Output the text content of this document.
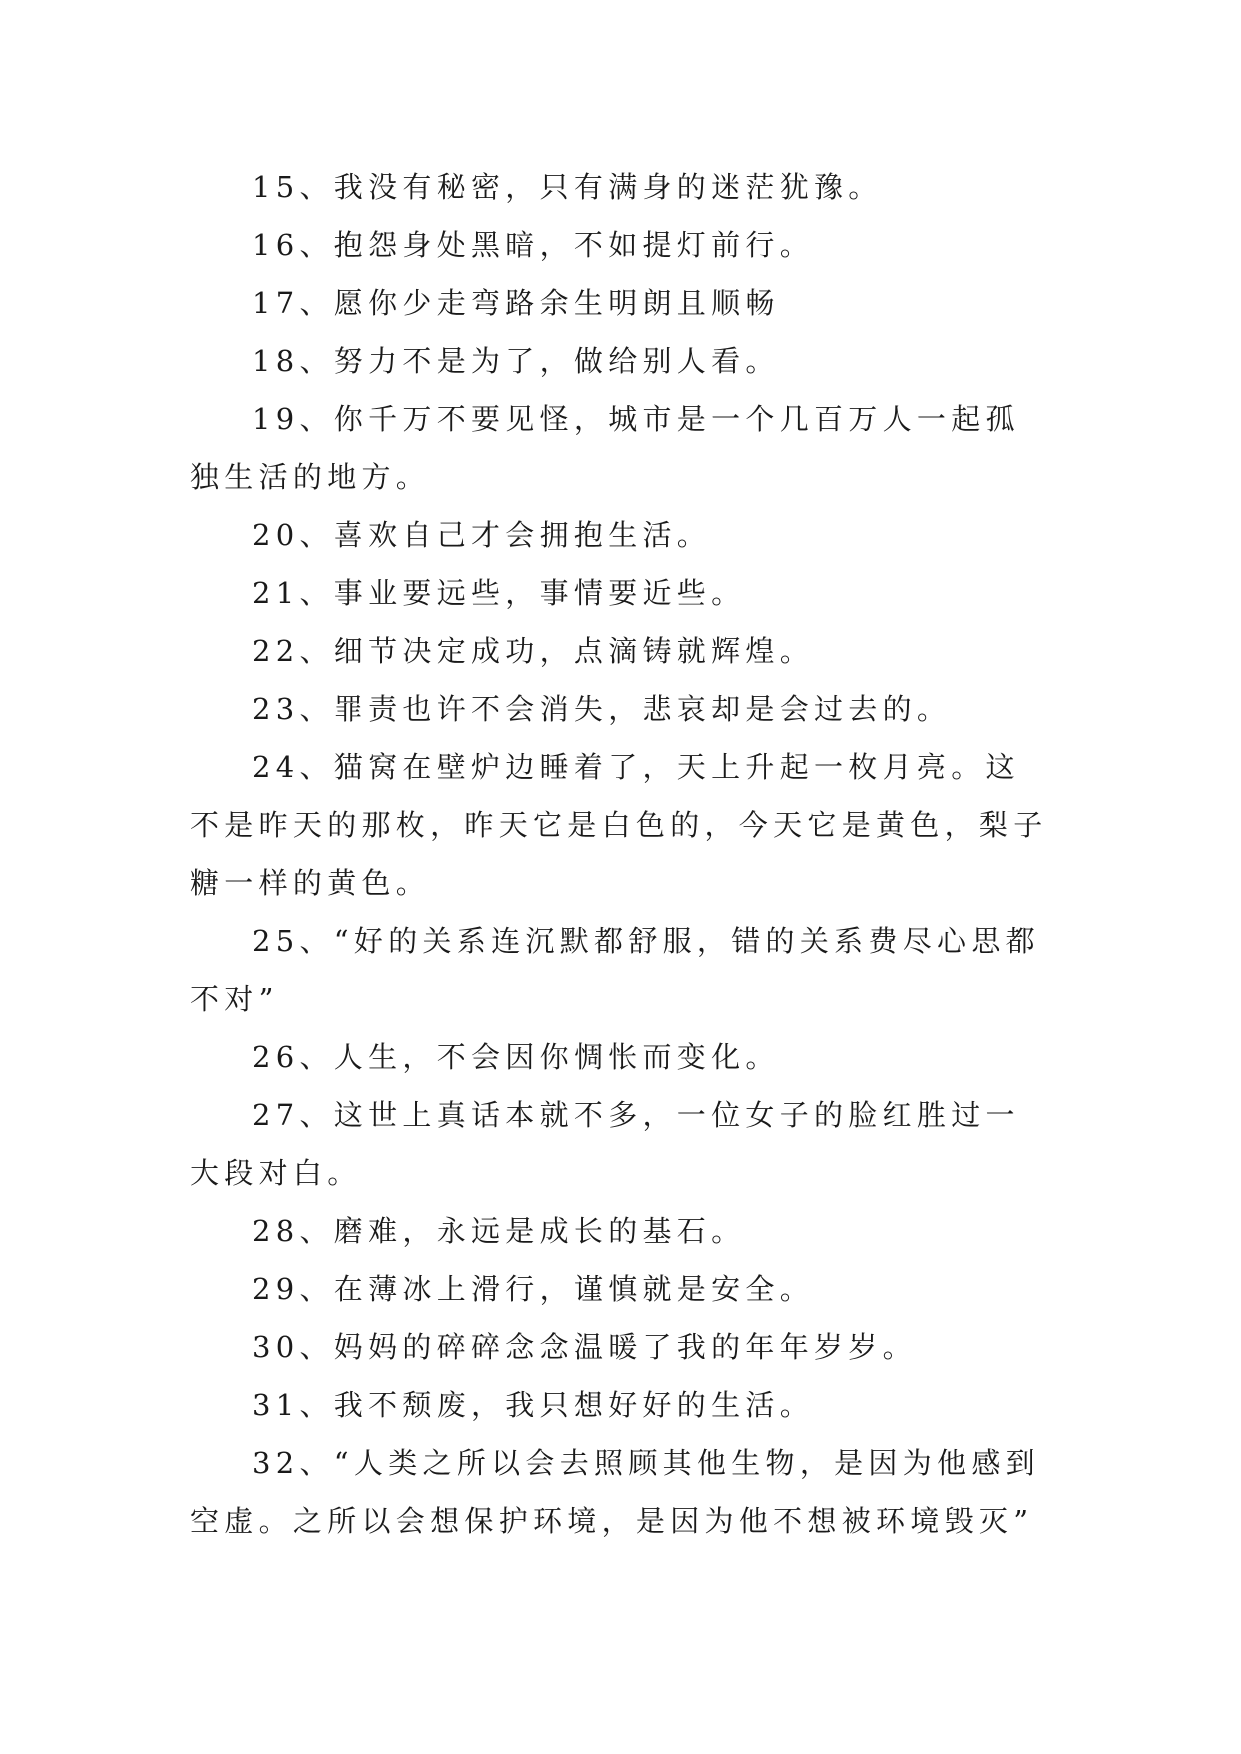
15、我没有秘密，只有满身的迷茫犹豫。

16、抱怨身处黑暗，不如提灯前行。

17、愿你少走弯路余生明朗且顺畅

18、努力不是为了，做给别人看。

19、你千万不要见怪，城市是一个几百万人一起孤独生活的地方。

20、喜欢自己才会拥抱生活。

21、事业要远些，事情要近些。

22、细节决定成功，点滴铸就辉煌。

23、罪责也许不会消失，悲哀却是会过去的。

24、猫窝在壁炉边睡着了，天上升起一枚月亮。这不是昨天的那枚，昨天它是白色的，今天它是黄色，梨子糖一样的黄色。

25、“好的关系连沉默都舒服，错的关系费尽心思都不对”

26、人生，不会因你惆怅而变化。

27、这世上真话本就不多，一位女子的脸红胜过一大段对白。

28、磨难，永远是成长的基石。

29、在薄冰上滑行，谨慎就是安全。

30、妈妈的碎碎念念温暖了我的年年岁岁。

31、我不颓废，我只想好好的生活。

32、“人类之所以会去照顾其他生物，是因为他感到空虚。之所以会想保护环境，是因为他不想被环境毁灭”
